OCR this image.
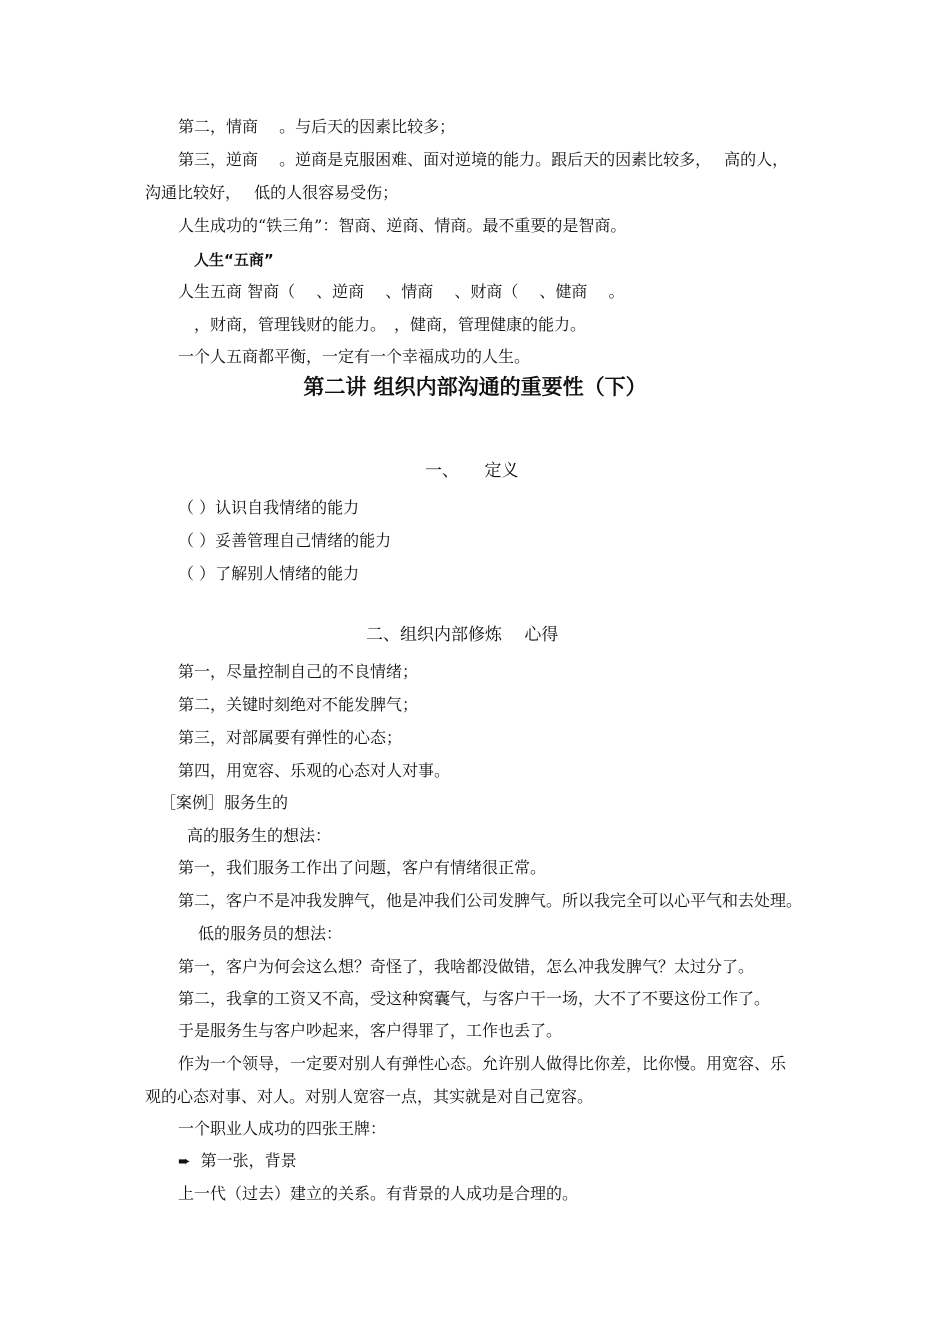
第二，情商　 。与后天的因素比较多；
第三，逆商　 。逆商是克服困难、面对逆境的能力。跟后天的因素比较多，　 高的人，
沟通比较好，　 低的人很容易受伤；
人生成功的“铁三角”：智商、逆商、情商。最不重要的是智商。
人生“五商”
人生五商 智商（　 、逆商　 、情商　 、财商（　 、健商　 。
，财商，管理钱财的能力。　，健商，管理健康的能力。
一个人五商都平衡，一定有一个幸福成功的人生。
第二讲 组织内部沟通的重要性（下）
一、　　定义
（ ）认识自我情绪的能力
（ ）妥善管理自己情绪的能力
（ ）了解别人情绪的能力
二、组织内部修炼　 心得
第一，尽量控制自己的不良情绪；
第二，关键时刻绝对不能发脾气；
第三，对部属要有弹性的心态；
第四，用宽容、乐观的心态对人对事。
［案例］服务生的
高的服务生的想法：
第一，我们服务工作出了问题，客户有情绪很正常。
第二，客户不是冲我发脾气，他是冲我们公司发脾气。所以我完全可以心平气和去处理。
低的服务员的想法：
第一，客户为何会这么想？奇怪了，我啥都没做错，怎么冲我发脾气？太过分了。
第二，我拿的工资又不高，受这种窝囊气，与客户干一场，大不了不要这份工作了。
于是服务生与客户吵起来，客户得罪了，工作也丢了。
作为一个领导，一定要对别人有弹性心态。允许别人做得比你差，比你慢。用宽容、乐
观的心态对事、对人。对别人宽容一点，其实就是对自己宽容。
一个职业人成功的四张王牌：
➨ 第一张，背景
上一代（过去）建立的关系。有背景的人成功是合理的。
